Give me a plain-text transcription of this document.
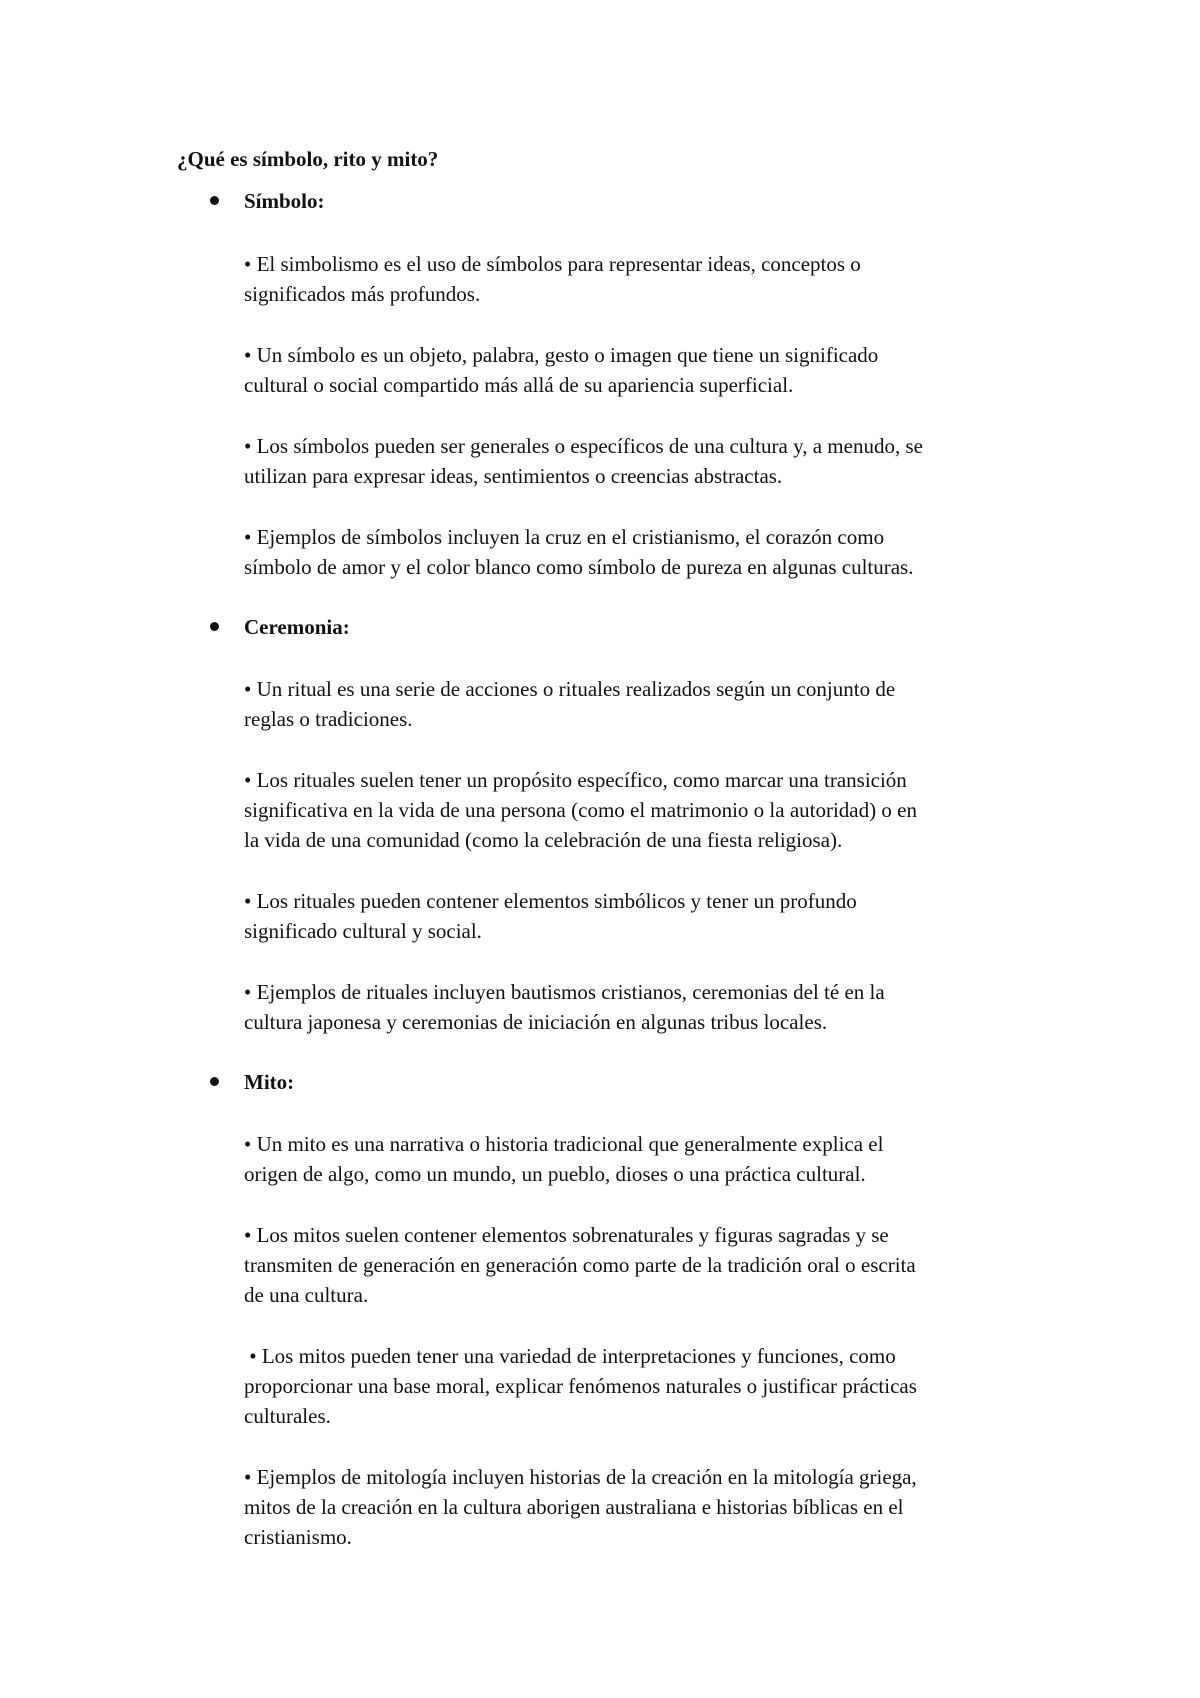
¿Qué es símbolo, rito y mito?
Símbolo:

• El simbolismo es el uso de símbolos para representar ideas, conceptos o
significados más profundos.

• Un símbolo es un objeto, palabra, gesto o imagen que tiene un significado
cultural o social compartido más allá de su apariencia superficial.

• Los símbolos pueden ser generales o específicos de una cultura y, a menudo, se
utilizan para expresar ideas, sentimientos o creencias abstractas.

• Ejemplos de símbolos incluyen la cruz en el cristianismo, el corazón como
símbolo de amor y el color blanco como símbolo de pureza en algunas culturas.

Ceremonia:

• Un ritual es una serie de acciones o rituales realizados según un conjunto de
reglas o tradiciones.

• Los rituales suelen tener un propósito específico, como marcar una transición
significativa en la vida de una persona (como el matrimonio o la autoridad) o en
la vida de una comunidad (como la celebración de una fiesta religiosa).

• Los rituales pueden contener elementos simbólicos y tener un profundo
significado cultural y social.

• Ejemplos de rituales incluyen bautismos cristianos, ceremonias del té en la
cultura japonesa y ceremonias de iniciación en algunas tribus locales.

Mito:

• Un mito es una narrativa o historia tradicional que generalmente explica el
origen de algo, como un mundo, un pueblo, dioses o una práctica cultural.

• Los mitos suelen contener elementos sobrenaturales y figuras sagradas y se
transmiten de generación en generación como parte de la tradición oral o escrita
de una cultura.

• Los mitos pueden tener una variedad de interpretaciones y funciones, como
proporcionar una base moral, explicar fenómenos naturales o justificar prácticas
culturales.

• Ejemplos de mitología incluyen historias de la creación en la mitología griega,
mitos de la creación en la cultura aborigen australiana e historias bíblicas en el
cristianismo.
